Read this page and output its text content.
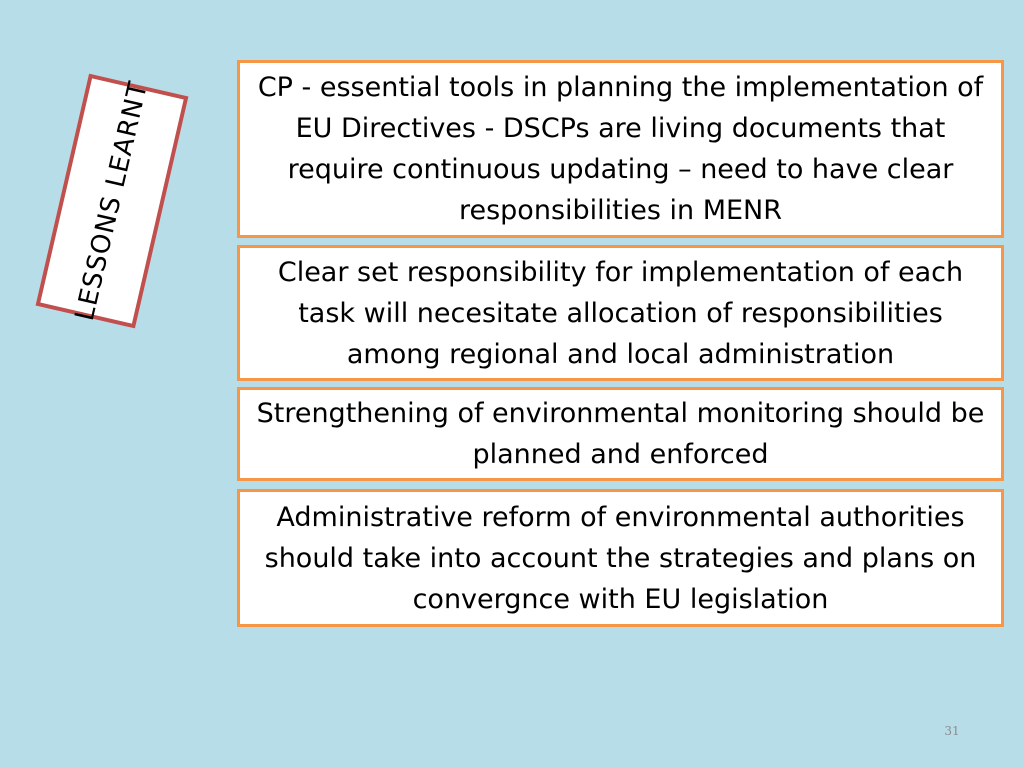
LESSONS LEARNT	CP - essential tools in planning the implementation of EU Directives - DSCPs are living documents that require continuous updating – need to have clear responsibilities in MENR
Clear set responsibility for implementation of each task will necesitate allocation of responsibilities among regional and local administration
Strengthening of environmental monitoring should be planned and enforced
Administrative reform of environmental authorities should take into account the strategies and plans on convergnce with EU legislation
31
